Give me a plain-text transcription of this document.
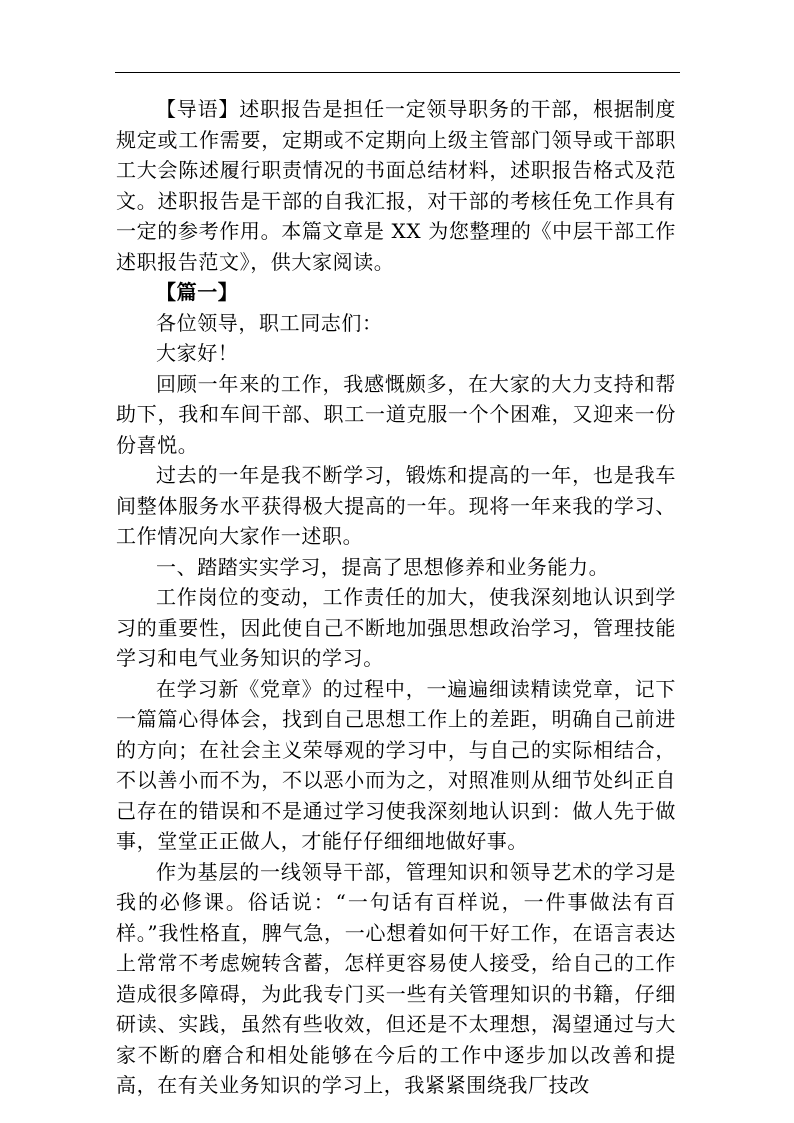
【导语】述职报告是担任一定领导职务的干部，根据制度规定或工作需要，定期或不定期向上级主管部门领导或干部职工大会陈述履行职责情况的书面总结材料，述职报告格式及范文。述职报告是干部的自我汇报，对干部的考核任免工作具有一定的参考作用。本篇文章是 XX 为您整理的《中层干部工作述职报告范文》，供大家阅读。

【篇一】

各位领导，职工同志们：

大家好！

回顾一年来的工作，我感慨颇多，在大家的大力支持和帮助下，我和车间干部、职工一道克服一个个困难，又迎来一份份喜悦。

过去的一年是我不断学习，锻炼和提高的一年，也是我车间整体服务水平获得极大提高的一年。现将一年来我的学习、工作情况向大家作一述职。

一、踏踏实实学习，提高了思想修养和业务能力。

工作岗位的变动，工作责任的加大，使我深刻地认识到学习的重要性，因此使自己不断地加强思想政治学习，管理技能学习和电气业务知识的学习。

在学习新《党章》的过程中，一遍遍细读精读党章，记下一篇篇心得体会，找到自己思想工作上的差距，明确自己前进的方向；在社会主义荣辱观的学习中，与自己的实际相结合，不以善小而不为，不以恶小而为之，对照准则从细节处纠正自己存在的错误和不是通过学习使我深刻地认识到：做人先于做事，堂堂正正做人，才能仔仔细细地做好事。

作为基层的一线领导干部，管理知识和领导艺术的学习是我的必修课。俗话说：“一句话有百样说，一件事做法有百样。”我性格直，脾气急，一心想着如何干好工作，在语言表达上常常不考虑婉转含蓄，怎样更容易使人接受，给自己的工作造成很多障碍，为此我专门买一些有关管理知识的书籍，仔细研读、实践，虽然有些收效，但还是不太理想，渴望通过与大家不断的磨合和相处能够在今后的工作中逐步加以改善和提高，在有关业务知识的学习上，我紧紧围绕我厂技改
